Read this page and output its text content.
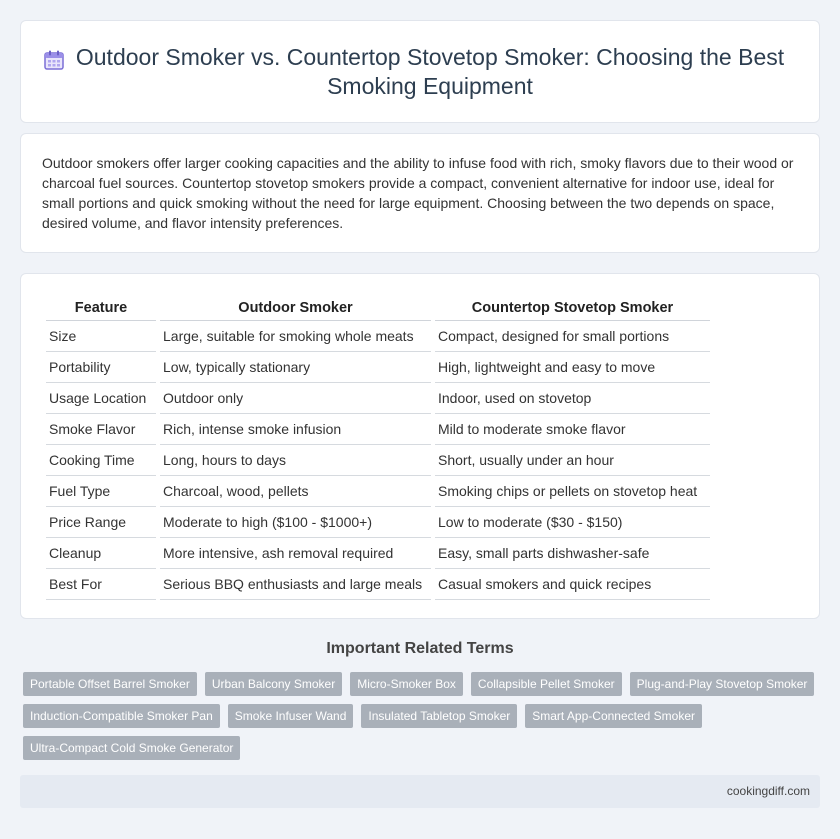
Outdoor Smoker vs. Countertop Stovetop Smoker: Choosing the Best Smoking Equipment

Outdoor smokers offer larger cooking capacities and the ability to infuse food with rich, smoky flavors due to their wood or charcoal fuel sources. Countertop stovetop smokers provide a compact, convenient alternative for indoor use, ideal for small portions and quick smoking without the need for large equipment. Choosing between the two depends on space, desired volume, and flavor intensity preferences.

Feature	Outdoor Smoker	Countertop Stovetop Smoker
Size	Large, suitable for smoking whole meats	Compact, designed for small portions
Portability	Low, typically stationary	High, lightweight and easy to move
Usage Location	Outdoor only	Indoor, used on stovetop
Smoke Flavor	Rich, intense smoke infusion	Mild to moderate smoke flavor
Cooking Time	Long, hours to days	Short, usually under an hour
Fuel Type	Charcoal, wood, pellets	Smoking chips or pellets on stovetop heat
Price Range	Moderate to high ($100 - $1000+)	Low to moderate ($30 - $150)
Cleanup	More intensive, ash removal required	Easy, small parts dishwasher-safe
Best For	Serious BBQ enthusiasts and large meals	Casual smokers and quick recipes
Important Related Terms
Portable Offset Barrel Smoker	Urban Balcony Smoker	Micro-Smoker Box	Collapsible Pellet Smoker	Plug-and-Play Stovetop Smoker
Induction-Compatible Smoker Pan	Smoke Infuser Wand	Insulated Tabletop Smoker	Smart App-Connected Smoker
Ultra-Compact Cold Smoke Generator
cookingdiff.com
